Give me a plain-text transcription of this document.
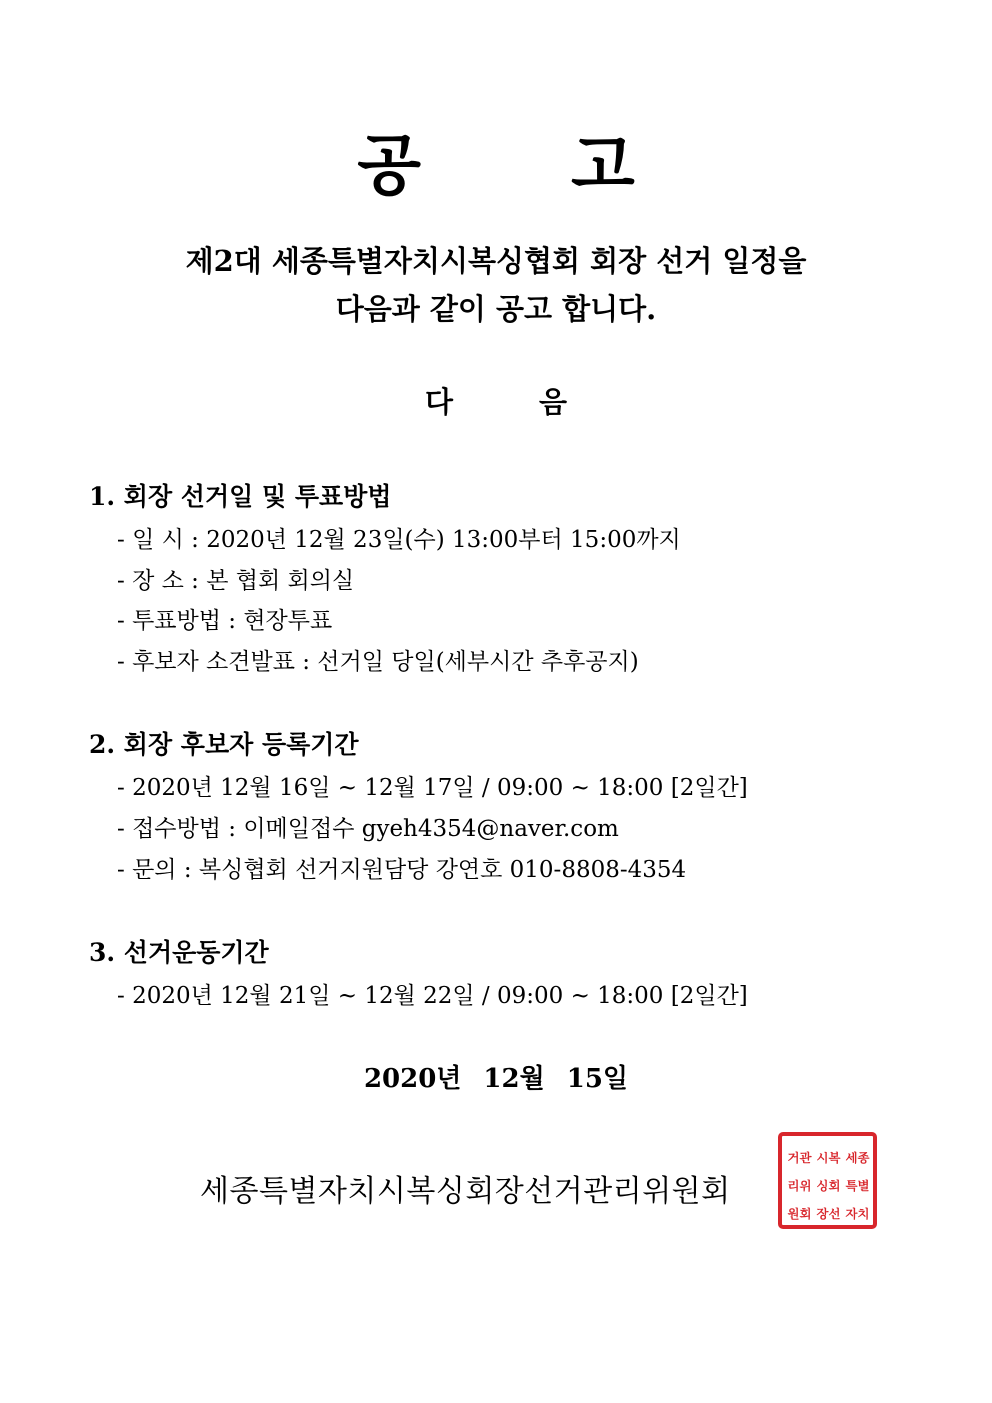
공 고
제2대 세종특별자치시복싱협회 회장 선거 일정을
다음과 같이 공고 합니다.
다	음
1. 회장 선거일 및 투표방법
- 일 시 : 2020년 12월 23일(수) 13:00부터 15:00까지
- 장 소 : 본 협회 회의실
- 투표방법 : 현장투표
- 후보자 소견발표 : 선거일 당일(세부시간 추후공지)
2. 회장 후보자 등록기간
- 2020년 12월 16일 ~ 12월 17일 / 09:00 ~ 18:00 [2일간]
- 접수방법 : 이메일접수 gyeh4354@naver.com
- 문의 : 복싱협회 선거지원담당 강연호 010-8808-4354
3. 선거운동기간
- 2020년 12월 21일 ~ 12월 22일 / 09:00 ~ 18:00 [2일간]
2020년 12월 15일
세종특별자치시복싱회장선거관리위원회
세종
특별
자치
시복
싱회
장선
거관
리위
원회
